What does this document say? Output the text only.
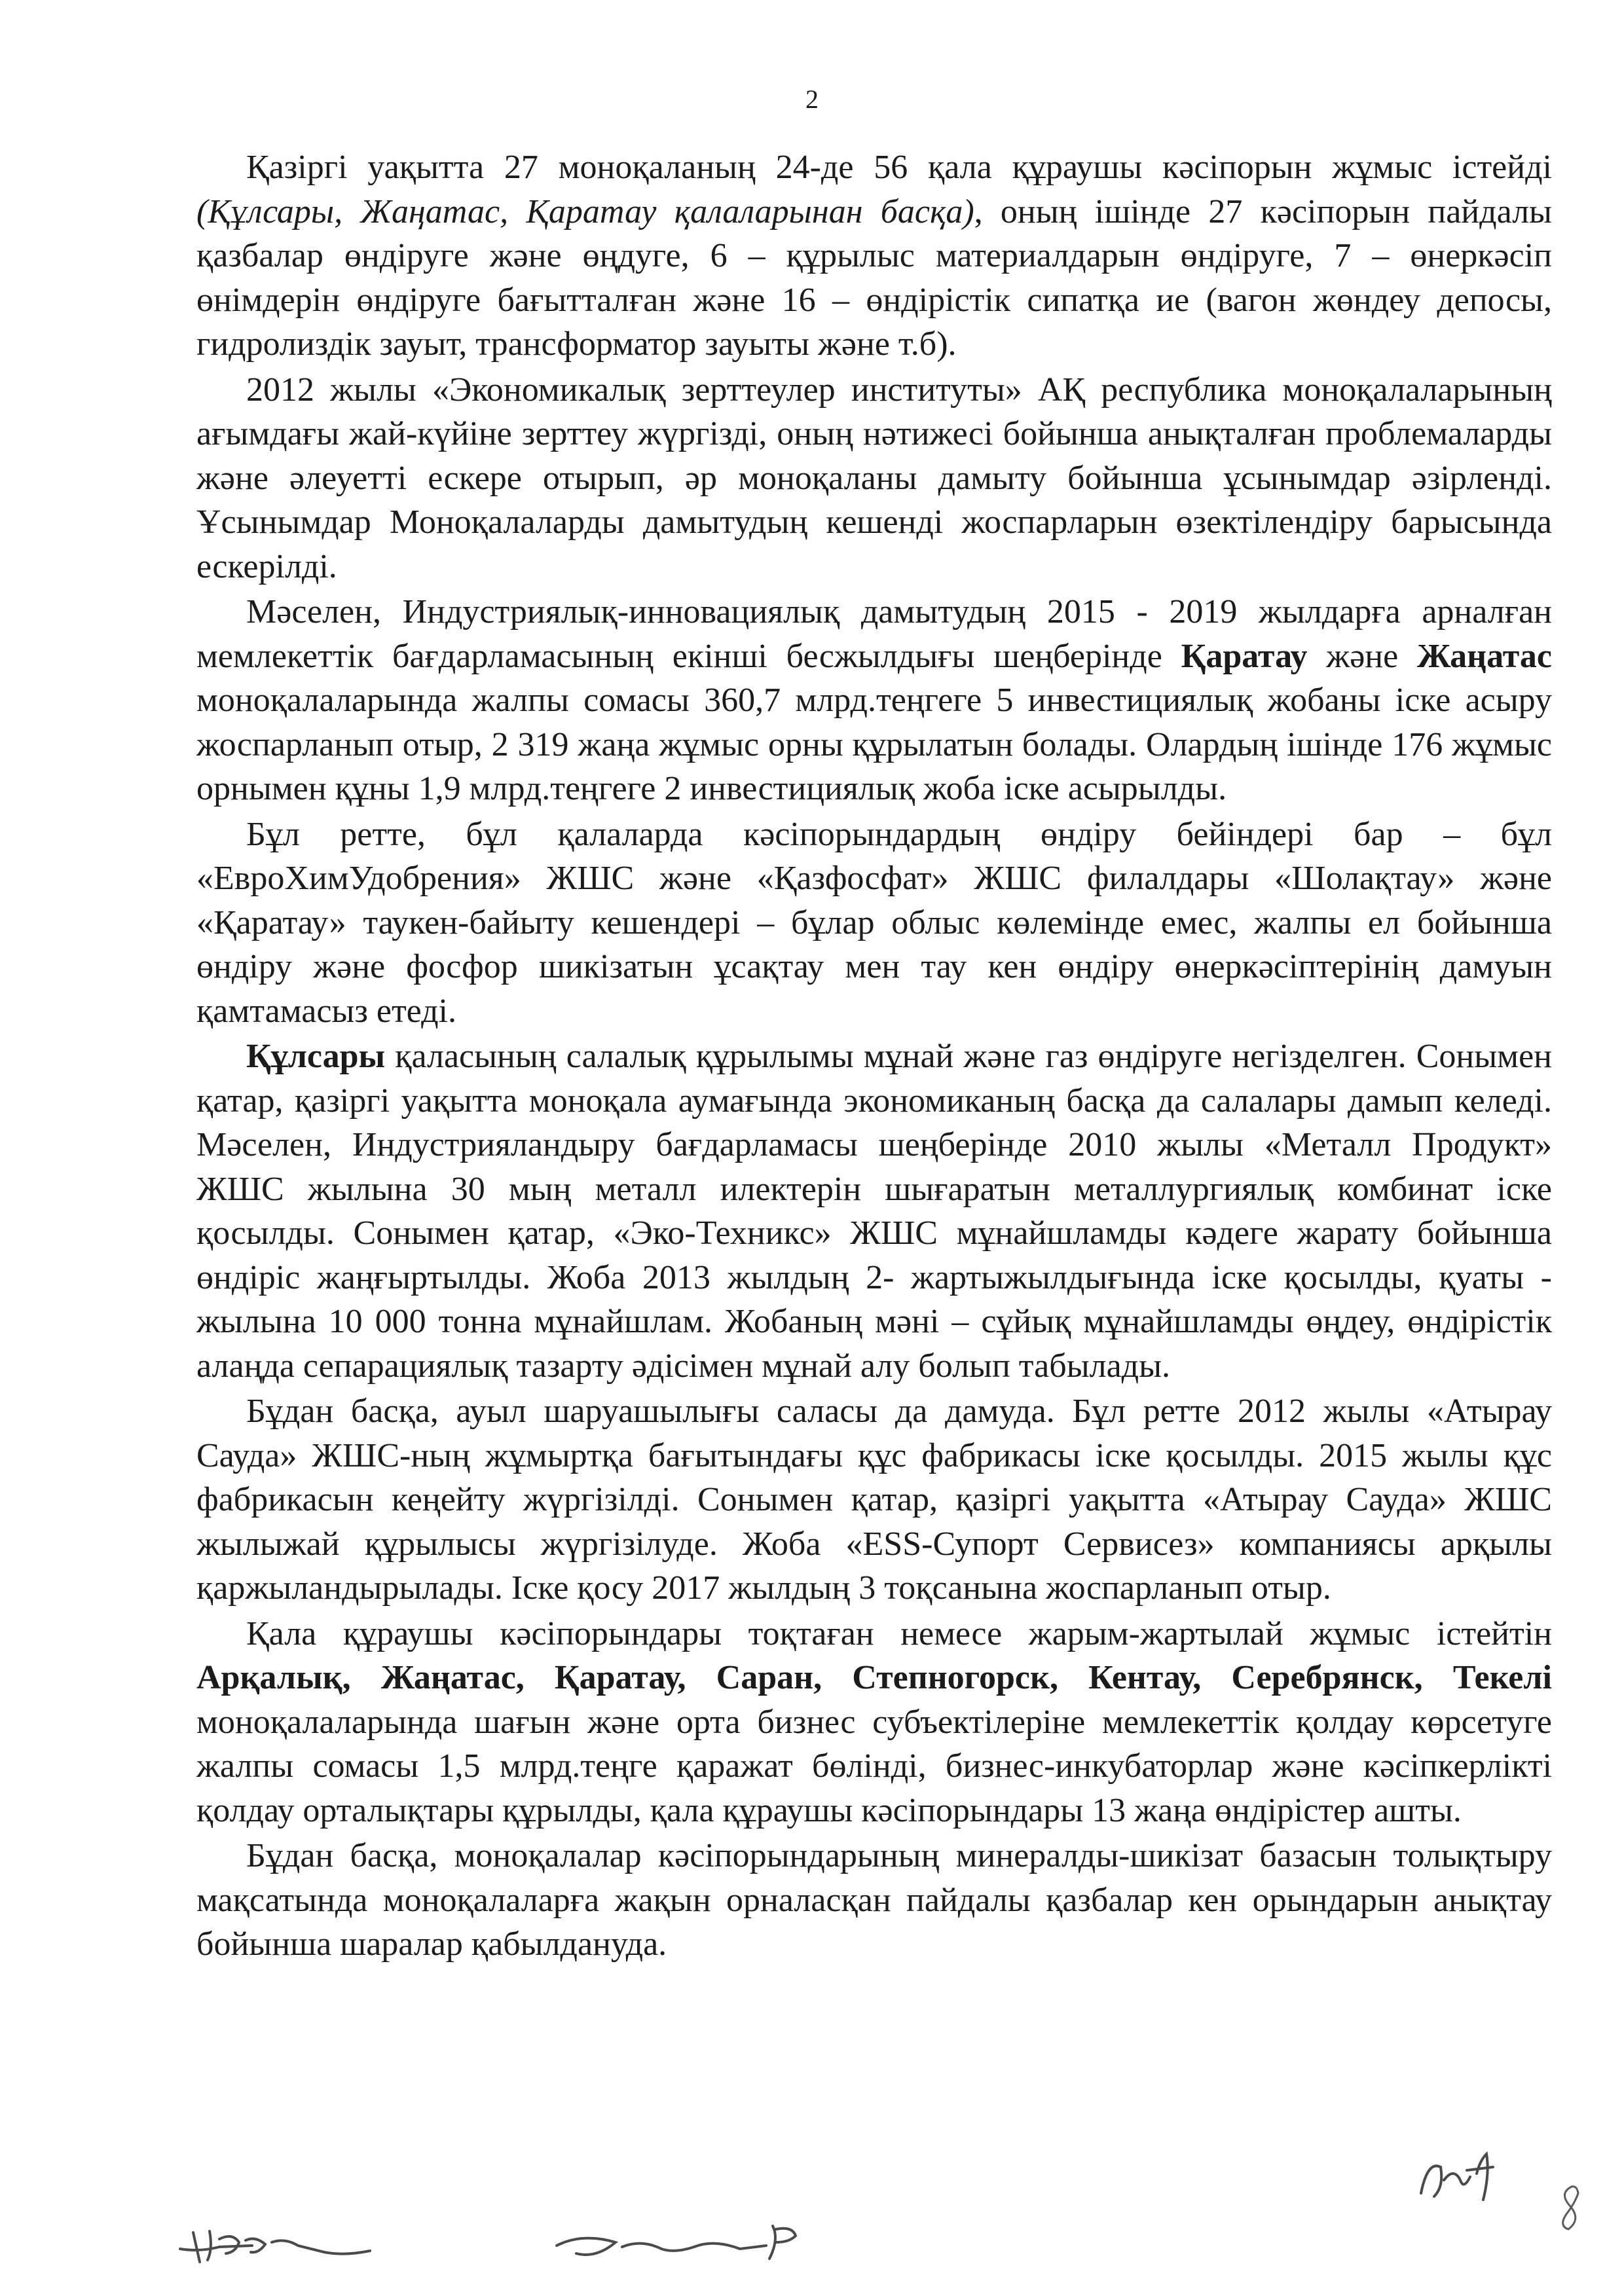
2

Қазіргі уақытта 27 моноқаланың 24-де 56 қала құраушы кәсіпорын жұмыс істейді (Құлсары, Жаңатас, Қаратау қалаларынан басқа), оның ішінде 27 кәсіпорын пайдалы қазбалар өндіруге және өңдуге, 6 – құрылыс материалдарын өндіруге, 7 – өнеркәсіп өнімдерін өндіруге бағытталған және 16 – өндірістік сипатқа ие (вагон жөндеу депосы, гидролиздік зауыт, трансформатор зауыты және т.б).

2012 жылы «Экономикалық зерттеулер институты» АҚ республика моноқалаларының ағымдағы жай-күйіне зерттеу жүргізді, оның нәтижесі бойынша анықталған проблемаларды және әлеуетті ескере отырып, әр моноқаланы дамыту бойынша ұсынымдар әзірленді. Ұсынымдар Моноқалаларды дамытудың кешенді жоспарларын өзектілендіру барысында ескерілді.

Мәселен, Индустриялық-инновациялық дамытудың 2015 - 2019 жылдарға арналған мемлекеттік бағдарламасының екінші бесжылдығы шеңберінде Қаратау және Жаңатас моноқалаларында жалпы сомасы 360,7 млрд.теңгеге 5 инвестициялық жобаны іске асыру жоспарланып отыр, 2 319 жаңа жұмыс орны құрылатын болады. Олардың ішінде 176 жұмыс орнымен құны 1,9 млрд.теңгеге 2 инвестициялық жоба іске асырылды.

Бұл ретте, бұл қалаларда кәсіпорындардың өндіру бейіндері бар – бұл «ЕвроХимУдобрения» ЖШС және «Қазфосфат» ЖШС филалдары «Шолақтау» және «Қаратау» таукен-байыту кешендері – бұлар облыс көлемінде емес, жалпы ел бойынша өндіру және фосфор шикізатын ұсақтау мен тау кен өндіру өнеркәсіптерінің дамуын қамтамасыз етеді.

Құлсары қаласының салалық құрылымы мұнай және газ өндіруге негізделген. Сонымен қатар, қазіргі уақытта моноқала аумағында экономиканың басқа да салалары дамып келеді. Мәселен, Индустрияландыру бағдарламасы шеңберінде 2010 жылы «Металл Продукт» ЖШС жылына 30 мың металл илектерін шығаратын металлургиялық комбинат іске қосылды. Сонымен қатар, «Эко-Техникс» ЖШС мұнайшламды кәдеге жарату бойынша өндіріс жаңғыртылды. Жоба 2013 жылдың 2- жартыжылдығында іске қосылды, қуаты - жылына 10 000 тонна мұнайшлам. Жобаның мәні – сұйық мұнайшламды өңдеу, өндірістік алаңда сепарациялық тазарту әдісімен мұнай алу болып табылады.

Бұдан басқа, ауыл шаруашылығы саласы да дамуда. Бұл ретте 2012 жылы «Атырау Сауда» ЖШС-ның жұмыртқа бағытындағы құс фабрикасы іске қосылды. 2015 жылы құс фабрикасын кеңейту жүргізілді. Сонымен қатар, қазіргі уақытта «Атырау Сауда» ЖШС жылыжай құрылысы жүргізілуде. Жоба «ESS-Супорт Сервисез» компаниясы арқылы қаржыландырылады. Іске қосу 2017 жылдың 3 тоқсанына жоспарланып отыр.

Қала құраушы кәсіпорындары тоқтаған немесе жарым-жартылай жұмыс істейтін Арқалық, Жаңатас, Қаратау, Саран, Степногорск, Кентау, Серебрянск, Текелі моноқалаларында шағын және орта бизнес субъектілеріне мемлекеттік қолдау көрсетуге жалпы сомасы 1,5 млрд.теңге қаражат бөлінді, бизнес-инкубаторлар және кәсіпкерлікті қолдау орталықтары құрылды, қала құраушы кәсіпорындары 13 жаңа өндірістер ашты.

Бұдан басқа, моноқалалар кәсіпорындарының минералды-шикізат базасын толықтыру мақсатында моноқалаларға жақын орналасқан пайдалы қазбалар кен орындарын анықтау бойынша шаралар қабылдануда.
